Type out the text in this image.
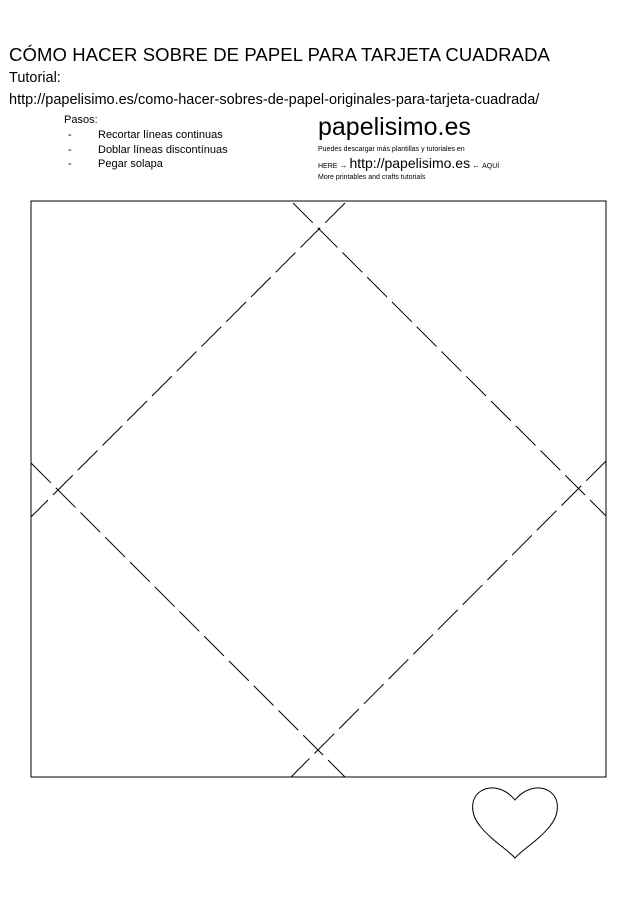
CÓMO HACER SOBRE DE PAPEL PARA TARJETA CUADRADA
Tutorial:
http://papelisimo.es/como-hacer-sobres-de-papel-originales-para-tarjeta-cuadrada/
Pasos:
-	Recortar líneas continuas
-	Doblar líneas discontínuas
-	Pegar solapa
papelisimo.es
Puedes descargar más plantillas y tutoriales en
HERE → http://papelisimo.es ← AQUÍ
More printables and crafts tutorials
